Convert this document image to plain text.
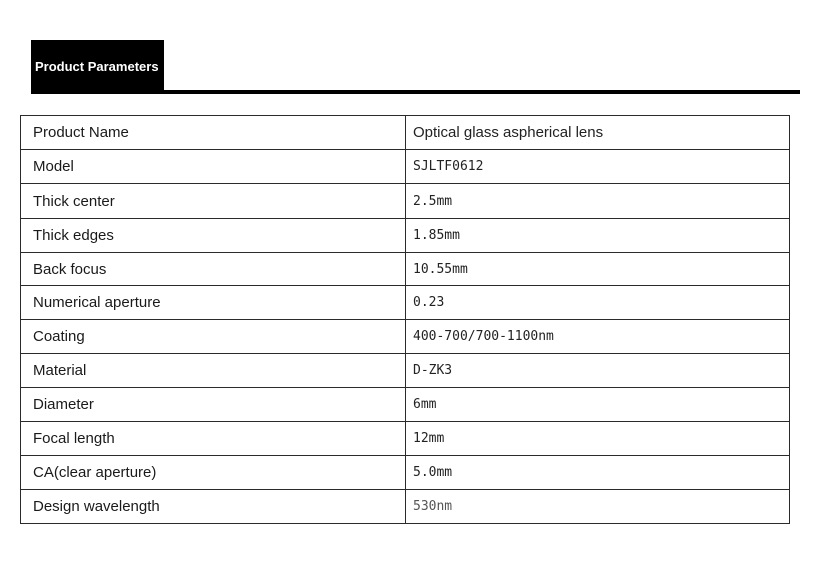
Product Parameters
Product Name	Optical glass aspherical lens
Model	SJLTF0612
Thick center	2.5mm
Thick edges	1.85mm
Back focus	10.55mm
Numerical aperture	0.23
Coating	400-700/700-1100nm
Material	D-ZK3
Diameter	6mm
Focal length	12mm
CA(clear aperture)	5.0mm
Design wavelength	530nm
